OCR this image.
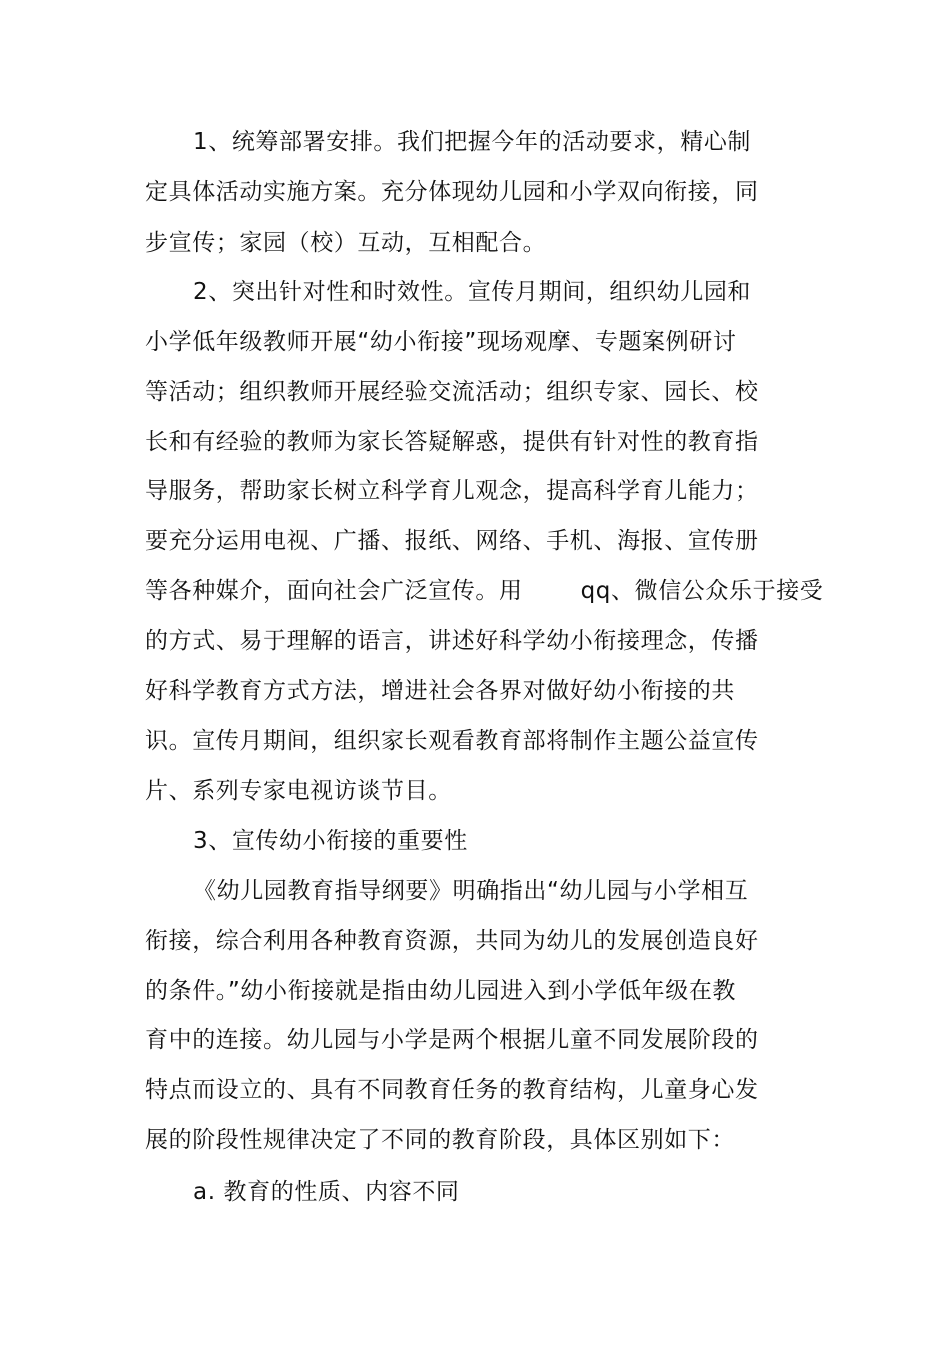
1、统筹部署安排。我们把握今年的活动要求，精心制
定具体活动实施方案。充分体现幼儿园和小学双向衔接，同
步宣传；家园（校）互动，互相配合。
2、突出针对性和时效性。宣传月期间，组织幼儿园和
小学低年级教师开展“幼小衔接”现场观摩、专题案例研讨
等活动；组织教师开展经验交流活动；组织专家、园长、校
长和有经验的教师为家长答疑解惑，提供有针对性的教育指
导服务，帮助家长树立科学育儿观念，提高科学育儿能力；
要充分运用电视、广播、报纸、网络、手机、海报、宣传册
等各种媒介，面向社会广泛宣传。用	qq、微信公众乐于接受
的方式、易于理解的语言，讲述好科学幼小衔接理念，传播
好科学教育方式方法，增进社会各界对做好幼小衔接的共
识。宣传月期间，组织家长观看教育部将制作主题公益宣传
片、系列专家电视访谈节目。
3、宣传幼小衔接的重要性
《幼儿园教育指导纲要》明确指出“幼儿园与小学相互
衔接，综合利用各种教育资源，共同为幼儿的发展创造良好
的条件。”幼小衔接就是指由幼儿园进入到小学低年级在教
育中的连接。幼儿园与小学是两个根据儿童不同发展阶段的
特点而设立的、具有不同教育任务的教育结构，儿童身心发
展的阶段性规律决定了不同的教育阶段，具体区别如下：
a. 教育的性质、内容不同
